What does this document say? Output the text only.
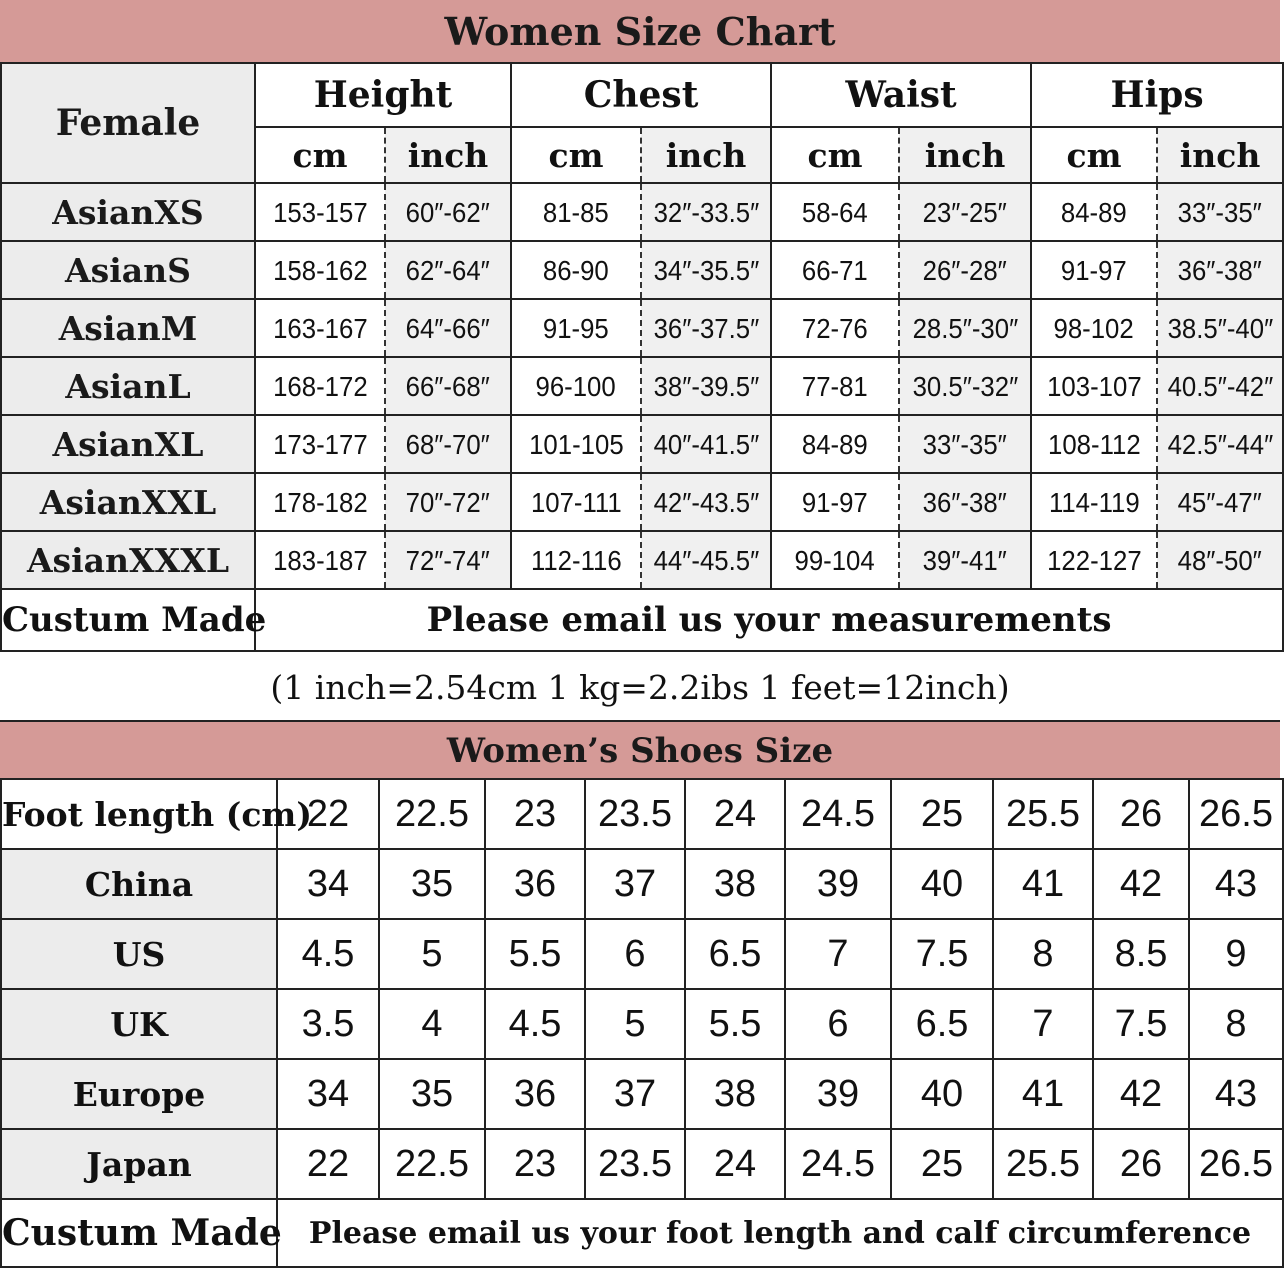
Women Size Chart
Female	Height		Chest		Waist		Hips	
	cm	inch	cm	inch	cm	inch	cm	inch
AsianXS	153-157	60″-62″	81-85	32″-33.5″	58-64	23″-25″	84-89	33″-35″
AsianS	158-162	62″-64″	86-90	34″-35.5″	66-71	26″-28″	91-97	36″-38″
AsianM	163-167	64″-66″	91-95	36″-37.5″	72-76	28.5″-30″	98-102	38.5″-40″
AsianL	168-172	66″-68″	96-100	38″-39.5″	77-81	30.5″-32″	103-107	40.5″-42″
AsianXL	173-177	68″-70″	101-105	40″-41.5″	84-89	33″-35″	108-112	42.5″-44″
AsianXXL	178-182	70″-72″	107-111	42″-43.5″	91-97	36″-38″	114-119	45″-47″
AsianXXXL	183-187	72″-74″	112-116	44″-45.5″	99-104	39″-41″	122-127	48″-50″
Custum Made	Please email us your measurements							
(1 inch=2.54cm 1 kg=2.2ibs 1 feet=12inch)
Women’s Shoes Size
Foot length (cm)	22	22.5	23	23.5	24	24.5	25	25.5	26	26.5
China	34	35	36	37	38	39	40	41	42	43
US	4.5	5	5.5	6	6.5	7	7.5	8	8.5	9
UK	3.5	4	4.5	5	5.5	6	6.5	7	7.5	8
Europe	34	35	36	37	38	39	40	41	42	43
Japan	22	22.5	23	23.5	24	24.5	25	25.5	26	26.5
Custum Made	Please email us your foot length and calf circumference									
